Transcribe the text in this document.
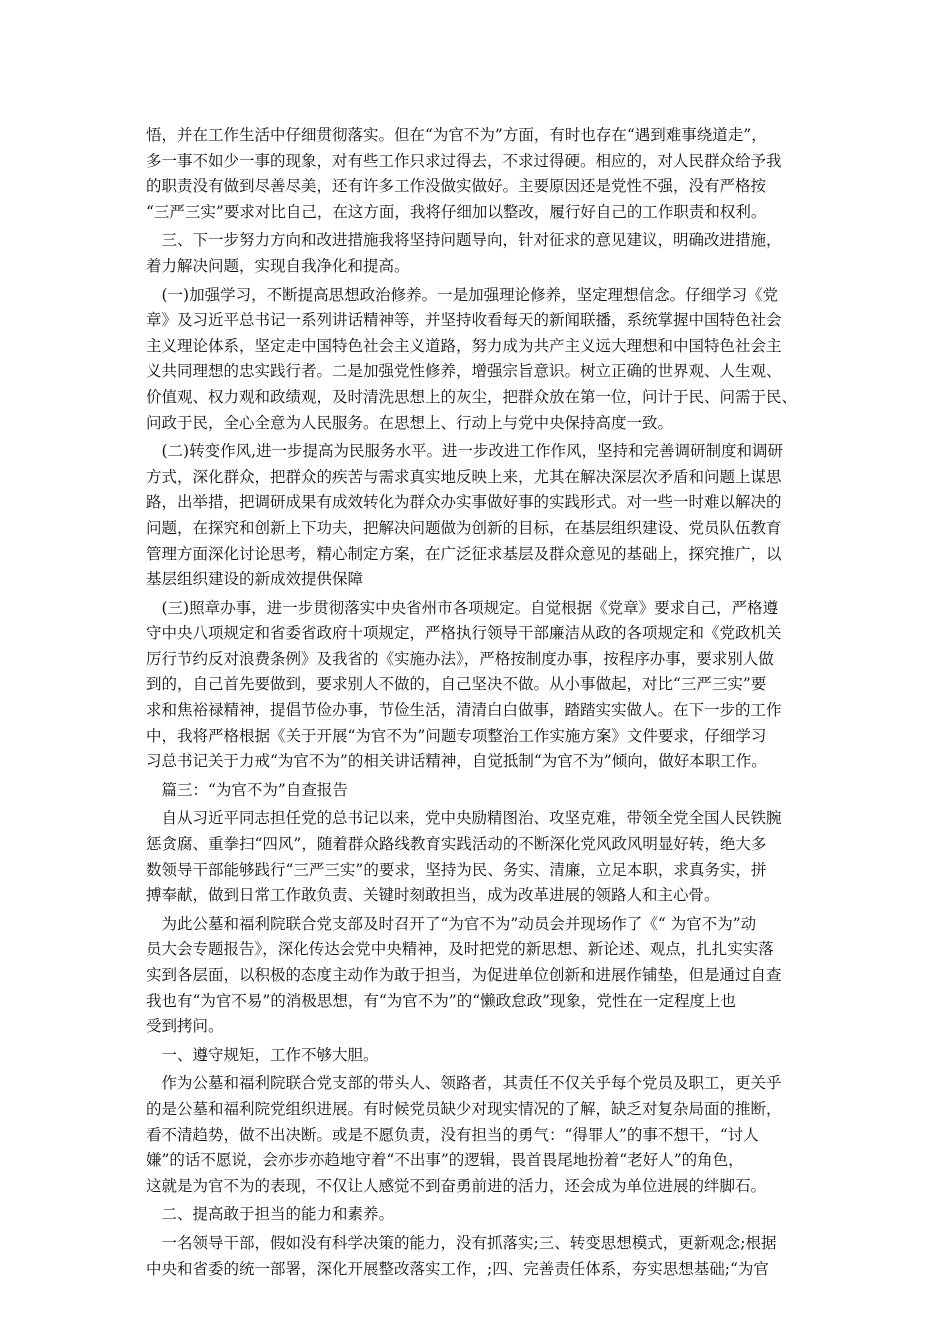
悟，并在工作生活中仔细贯彻落实。但在“为官不为”方面，有时也存在“遇到难事绕道走”，
多一事不如少一事的现象，对有些工作只求过得去，不求过得硬。相应的，对人民群众给予我
的职责没有做到尽善尽美，还有许多工作没做实做好。主要原因还是党性不强，没有严格按
“三严三实”要求对比自己，在这方面，我将仔细加以整改，履行好自己的工作职责和权利。
　三、下一步努力方向和改进措施我将坚持问题导向，针对征求的意见建议，明确改进措施，
着力解决问题，实现自我净化和提高。
　(一)加强学习，不断提高思想政治修养。一是加强理论修养，坚定理想信念。仔细学习《党
章》及习近平总书记一系列讲话精神等，并坚持收看每天的新闻联播，系统掌握中国特色社会
主义理论体系，坚定走中国特色社会主义道路，努力成为共产主义远大理想和中国特色社会主
义共同理想的忠实践行者。二是加强党性修养，增强宗旨意识。树立正确的世界观、人生观、
价值观、权力观和政绩观，及时清洗思想上的灰尘，把群众放在第一位，问计于民、问需于民、
问政于民，全心全意为人民服务。在思想上、行动上与党中央保持高度一致。
　(二)转变作风,进一步提高为民服务水平。进一步改进工作作风，坚持和完善调研制度和调研
方式，深化群众，把群众的疾苦与需求真实地反映上来，尤其在解决深层次矛盾和问题上谋思
路，出举措，把调研成果有成效转化为群众办实事做好事的实践形式。对一些一时难以解决的
问题，在探究和创新上下功夫，把解决问题做为创新的目标，在基层组织建设、党员队伍教育
管理方面深化讨论思考，精心制定方案，在广泛征求基层及群众意见的基础上，探究推广，以
基层组织建设的新成效提供保障
　(三)照章办事，进一步贯彻落实中央省州市各项规定。自觉根据《党章》要求自己，严格遵
守中央八项规定和省委省政府十项规定，严格执行领导干部廉洁从政的各项规定和《党政机关
厉行节约反对浪费条例》及我省的《实施办法》，严格按制度办事，按程序办事，要求别人做
到的，自己首先要做到，要求别人不做的，自己坚决不做。从小事做起，对比“三严三实”要
求和焦裕禄精神，提倡节俭办事，节俭生活，清清白白做事，踏踏实实做人。在下一步的工作
中，我将严格根据《关于开展“为官不为”问题专项整治工作实施方案》文件要求，仔细学习
习总书记关于力戒“为官不为”的相关讲话精神，自觉抵制“为官不为”倾向，做好本职工作。
　篇三：“为官不为”自查报告
　自从习近平同志担任党的总书记以来，党中央励精图治、攻坚克难，带领全党全国人民铁腕
惩贪腐、重拳扫“四风”，随着群众路线教育实践活动的不断深化党风政风明显好转，绝大多
数领导干部能够践行“三严三实”的要求，坚持为民、务实、清廉，立足本职，求真务实，拼
搏奉献，做到日常工作敢负责、关键时刻敢担当，成为改革进展的领路人和主心骨。
　为此公墓和福利院联合党支部及时召开了“为官不为”动员会并现场作了《“ 为官不为”动
员大会专题报告》，深化传达会党中央精神，及时把党的新思想、新论述、观点，扎扎实实落
实到各层面，以积极的态度主动作为敢于担当，为促进单位创新和进展作铺垫，但是通过自查
我也有“为官不易”的消极思想，有“为官不为”的“懒政怠政”现象，党性在一定程度上也
受到拷问。
　一、遵守规矩，工作不够大胆。
　作为公墓和福利院联合党支部的带头人、领路者，其责任不仅关乎每个党员及职工，更关乎
的是公墓和福利院党组织进展。有时候党员缺少对现实情况的了解，缺乏对复杂局面的推断，
看不清趋势，做不出决断。或是不愿负责，没有担当的勇气：“得罪人”的事不想干，“讨人
嫌”的话不愿说，会亦步亦趋地守着“不出事”的逻辑，畏首畏尾地扮着“老好人”的角色，
这就是为官不为的表现，不仅让人感觉不到奋勇前进的活力，还会成为单位进展的绊脚石。
　二、提高敢于担当的能力和素养。
　一名领导干部，假如没有科学决策的能力，没有抓落实;三、转变思想模式，更新观念;根据
中央和省委的统一部署，深化开展整改落实工作，;四、完善责任体系，夯实思想基础;“为官
